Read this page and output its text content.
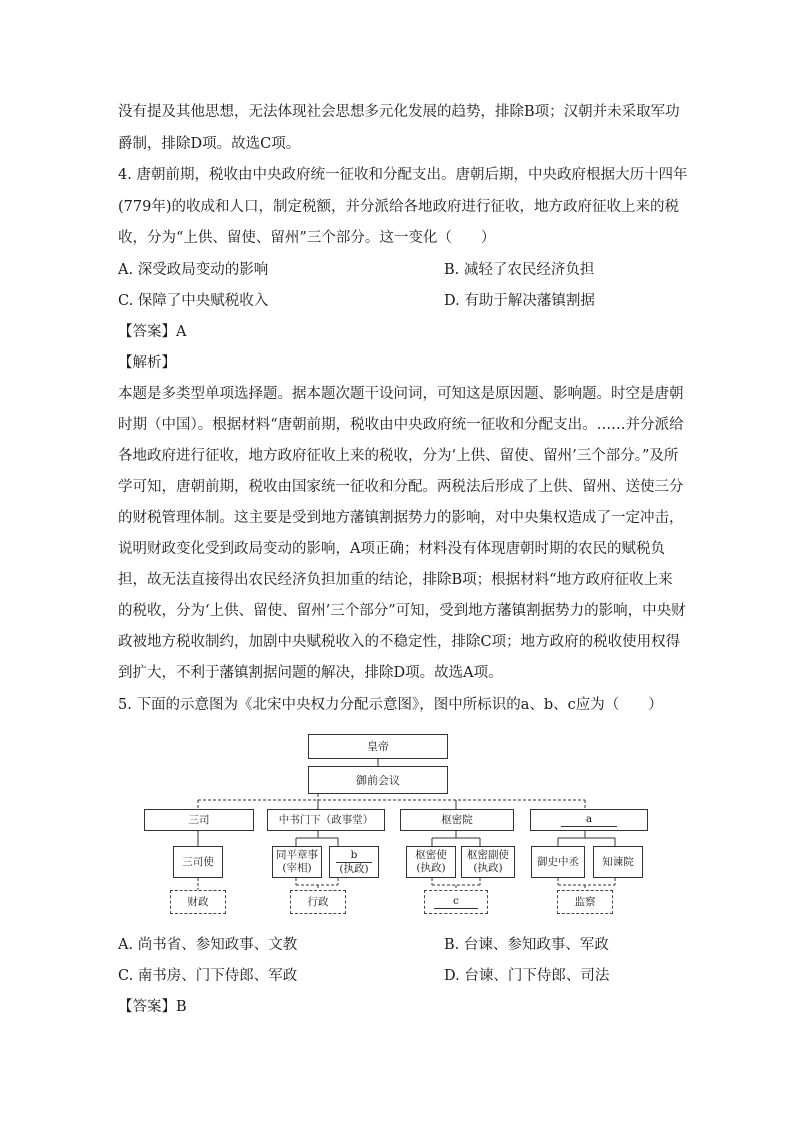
没有提及其他思想，无法体现社会思想多元化发展的趋势，排除B项；汉朝并未采取军功
爵制，排除D项。故选C项。
4. 唐朝前期，税收由中央政府统一征收和分配支出。唐朝后期，中央政府根据大历十四年
(779年)的收成和人口，制定税额，并分派给各地政府进行征收，地方政府征收上来的税
收，分为“上供、留使、留州”三个部分。这一变化（　　）
A. 深受政局变动的影响	B. 减轻了农民经济负担
C. 保障了中央赋税收入	D. 有助于解决藩镇割据
【答案】A
【解析】
本题是多类型单项选择题。据本题次题干设问词，可知这是原因题、影响题。时空是唐朝
时期（中国）。根据材料“唐朝前期，税收由中央政府统一征收和分配支出。……并分派给
各地政府进行征收，地方政府征收上来的税收，分为‘上供、留使、留州’三个部分。”及所
学可知，唐朝前期，税收由国家统一征收和分配。两税法后形成了上供、留州、送使三分
的财税管理体制。这主要是受到地方藩镇割据势力的影响，对中央集权造成了一定冲击，
说明财政变化受到政局变动的影响，A项正确；材料没有体现唐朝时期的农民的赋税负
担，故无法直接得出农民经济负担加重的结论，排除B项；根据材料“地方政府征收上来
的税收，分为‘上供、留使、留州’三个部分”可知，受到地方藩镇割据势力的影响，中央财
政被地方税收制约，加剧中央赋税收入的不稳定性，排除C项；地方政府的税收使用权得
到扩大，不利于藩镇割据问题的解决，排除D项。故选A项。
5. 下面的示意图为《北宋中央权力分配示意图》，图中所标识的a、b、c应为（　　）
皇帝
御前会议
三司	中书门下（政事堂）	枢密院	a
三司使
同平章事
(宰相)
b
(执政)
枢密使
(执政)
枢密副使
(执政)
御史中丞	知谏院
财政	行政	c	监察
A. 尚书省、参知政事、文教	B. 台谏、参知政事、军政
C. 南书房、门下侍郎、军政	D. 台谏、门下侍郎、司法
【答案】B
